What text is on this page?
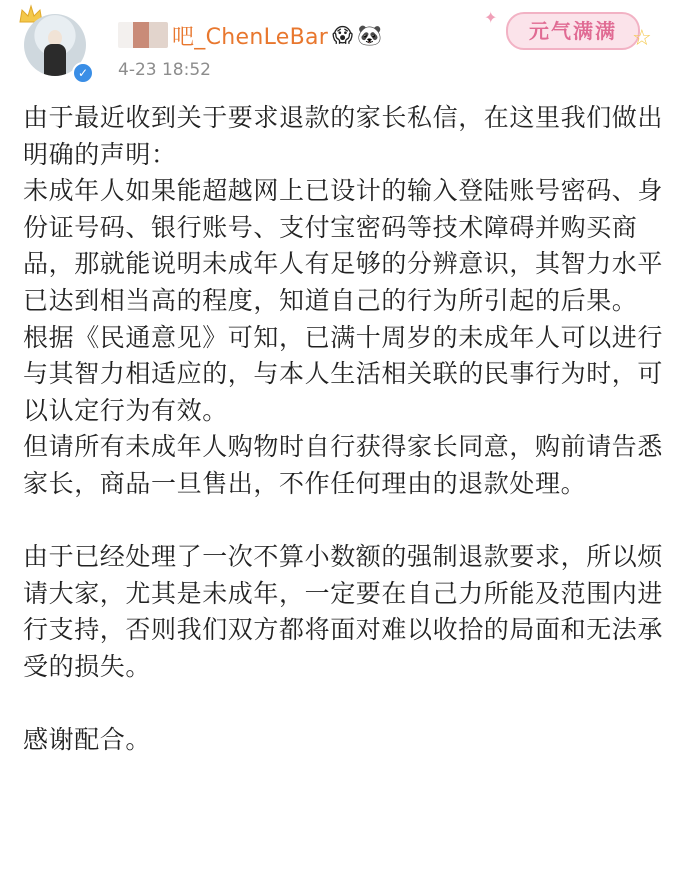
✓
吧_ChenLeBar 😱 🐼
4-23 18:52
✦
元气满满 ☆

由于最近收到关于要求退款的家长私信，在这里我们做出明确的声明：

未成年人如果能超越网上已设计的输入登陆账号密码、身份证号码、银行账号、支付宝密码等技术障碍并购买商品，那就能说明未成年人有足够的分辨意识，其智力水平已达到相当高的程度，知道自己的行为所引起的后果。

根据《民通意见》可知，已满十周岁的未成年人可以进行与其智力相适应的，与本人生活相关联的民事行为时，可以认定行为有效。

但请所有未成年人购物时自行获得家长同意，购前请告悉家长，商品一旦售出，不作任何理由的退款处理。

由于已经处理了一次不算小数额的强制退款要求，所以烦请大家，尤其是未成年，一定要在自己力所能及范围内进行支持，否则我们双方都将面对难以收拾的局面和无法承受的损失。

感谢配合。
